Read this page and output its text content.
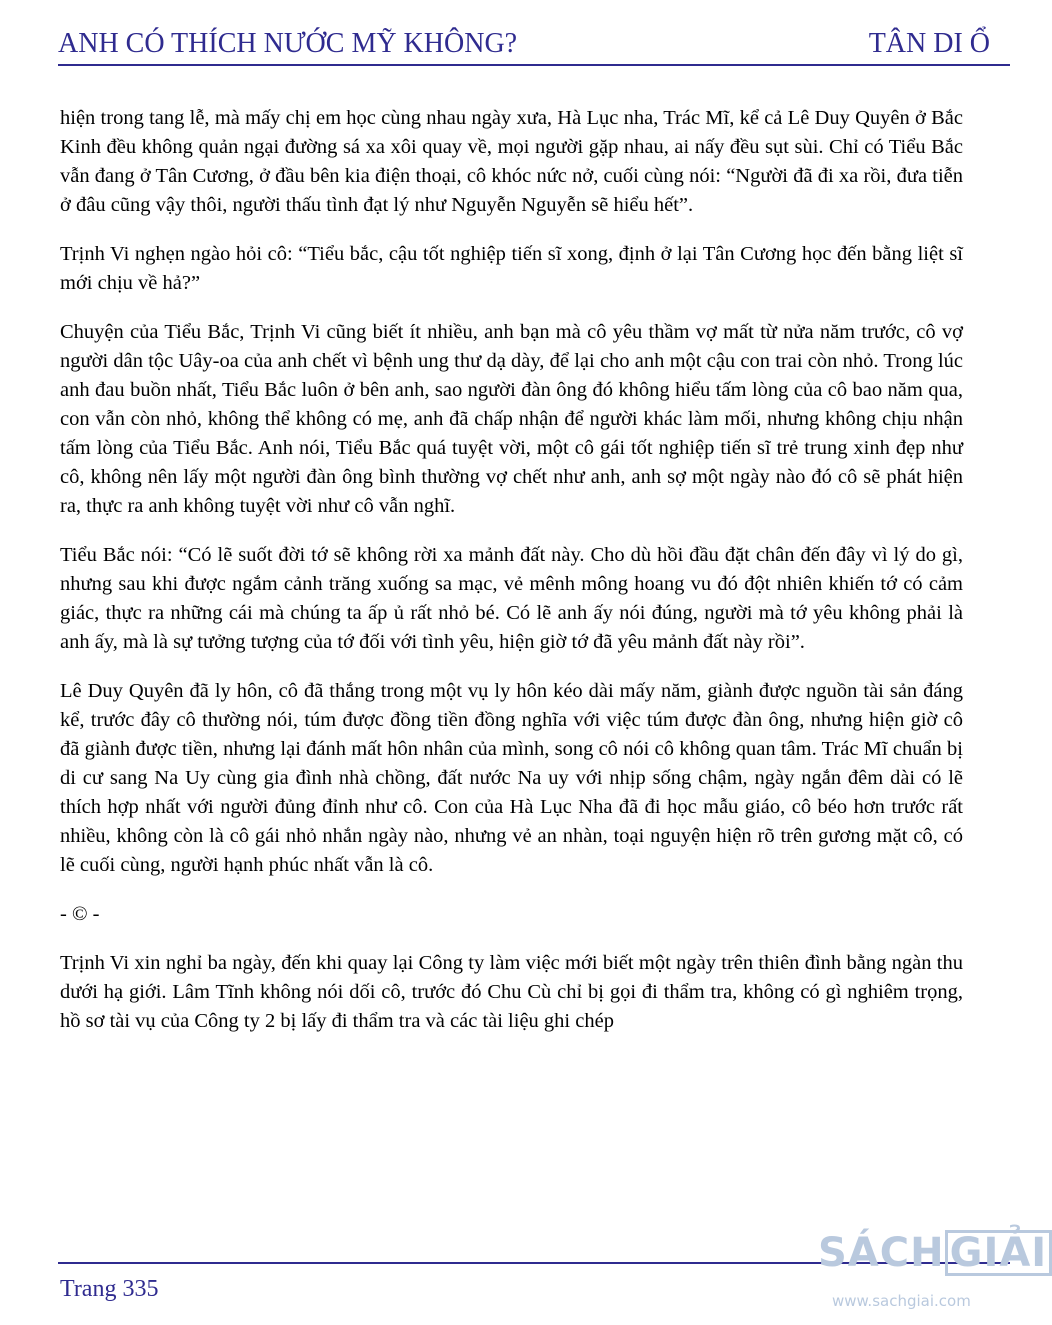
ANH CÓ THÍCH NƯỚC MỸ KHÔNG?	TÂN DI Ổ

hiện trong tang lễ, mà mấy chị em học cùng nhau ngày xưa, Hà Lục nha, Trác Mĩ, kể cả Lê Duy Quyên ở Bắc Kinh đều không quản ngại đường sá xa xôi quay về, mọi người gặp nhau, ai nấy đều sụt sùi. Chỉ có Tiểu Bắc vẫn đang ở Tân Cương, ở đầu bên kia điện thoại, cô khóc nức nở, cuối cùng nói: “Người đã đi xa rồi, đưa tiễn ở đâu cũng vậy thôi, người thấu tình đạt lý như Nguyễn Nguyễn sẽ hiểu hết”.

Trịnh Vi nghẹn ngào hỏi cô: “Tiểu bắc, cậu tốt nghiệp tiến sĩ xong, định ở lại Tân Cương học đến bằng liệt sĩ mới chịu về hả?”

Chuyện của Tiểu Bắc, Trịnh Vi cũng biết ít nhiều, anh bạn mà cô yêu thầm vợ mất từ nửa năm trước, cô vợ người dân tộc Uây-oa của anh chết vì bệnh ung thư dạ dày, để lại cho anh một cậu con trai còn nhỏ. Trong lúc anh đau buồn nhất, Tiểu Bắc luôn ở bên anh, sao người đàn ông đó không hiểu tấm lòng của cô bao năm qua, con vẫn còn nhỏ, không thể không có mẹ, anh đã chấp nhận để người khác làm mối, nhưng không chịu nhận tấm lòng của Tiểu Bắc. Anh nói, Tiểu Bắc quá tuyệt vời, một cô gái tốt nghiệp tiến sĩ trẻ trung xinh đẹp như cô, không nên lấy một người đàn ông bình thường vợ chết như anh, anh sợ một ngày nào đó cô sẽ phát hiện ra, thực ra anh không tuyệt vời như cô vẫn nghĩ.

Tiểu Bắc nói: “Có lẽ suốt đời tớ sẽ không rời xa mảnh đất này. Cho dù hồi đầu đặt chân đến đây vì lý do gì, nhưng sau khi được ngắm cảnh trăng xuống sa mạc, vẻ mênh mông hoang vu đó đột nhiên khiến tớ có cảm giác, thực ra những cái mà chúng ta ấp ủ rất nhỏ bé. Có lẽ anh ấy nói đúng, người mà tớ yêu không phải là anh ấy, mà là sự tưởng tượng của tớ đối với tình yêu, hiện giờ tớ đã yêu mảnh đất này rồi”.

Lê Duy Quyên đã ly hôn, cô đã thắng trong một vụ ly hôn kéo dài mấy năm, giành được nguồn tài sản đáng kể, trước đây cô thường nói, túm được đồng tiền đồng nghĩa với việc túm được đàn ông, nhưng hiện giờ cô đã giành được tiền, nhưng lại đánh mất hôn nhân của mình, song cô nói cô không quan tâm. Trác Mĩ chuẩn bị di cư sang Na Uy cùng gia đình nhà chồng, đất nước Na uy với nhịp sống chậm, ngày ngắn đêm dài có lẽ thích hợp nhất với người đủng đỉnh như cô. Con của Hà Lục Nha đã đi học mẫu giáo, cô béo hơn trước rất nhiều, không còn là cô gái nhỏ nhắn ngày nào, nhưng vẻ an nhàn, toại nguyện hiện rõ trên gương mặt cô, có lẽ cuối cùng, người hạnh phúc nhất vẫn là cô.

- © -

Trịnh Vi xin nghỉ ba ngày, đến khi quay lại Công ty làm việc mới biết một ngày trên thiên đình bằng ngàn thu dưới hạ giới. Lâm Tĩnh không nói dối cô, trước đó Chu Cù chỉ bị gọi đi thẩm tra, không có gì nghiêm trọng, hồ sơ tài vụ của Công ty 2 bị lấy đi thẩm tra và các tài liệu ghi chép

Trang 335
SÁCH GIẢI
www.sachgiai.com
